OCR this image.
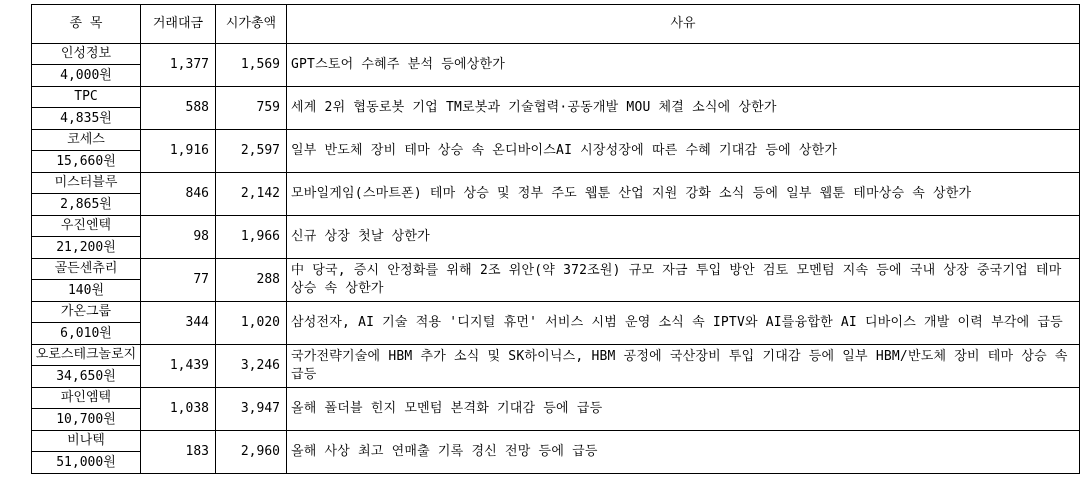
종 목	거래대금	시가총액	사유
인성정보	1,377	1,569	GPT스토어 수혜주 분석 등에상한가
4,000원			
TPC	588	759	세계 2위 협동로봇 기업 TM로봇과 기술협력·공동개발 MOU 체결 소식에 상한가
4,835원			
코세스	1,916	2,597	일부 반도체 장비 테마 상승 속 온디바이스AI 시장성장에 따른 수혜 기대감 등에 상한가
15,660원			
미스터블루	846	2,142	모바일게임(스마트폰) 테마 상승 및 정부 주도 웹툰 산업 지원 강화 소식 등에 일부 웹툰 테마상승 속 상한가
2,865원			
우진엔텍	98	1,966	신규 상장 첫날 상한가
21,200원			
골든센츄리	77	288	中 당국, 증시 안정화를 위해 2조 위안(약 372조원) 규모 자금 투입 방안 검토 모멘텀 지속 등에 국내 상장 중국기업 테마 상승 속 상한가
140원			
가온그룹	344	1,020	삼성전자, AI 기술 적용 '디지털 휴먼' 서비스 시범 운영 소식 속 IPTV와 AI를융합한 AI 디바이스 개발 이력 부각에 급등
6,010원			
오로스테크놀로지	1,439	3,246	국가전략기술에 HBM 추가 소식 및 SK하이닉스, HBM 공정에 국산장비 투입 기대감 등에 일부 HBM/반도체 장비 테마 상승 속 급등
34,650원			
파인엠텍	1,038	3,947	올해 폴더블 힌지 모멘텀 본격화 기대감 등에 급등
10,700원			
비나텍	183	2,960	올해 사상 최고 연매출 기록 경신 전망 등에 급등
51,000원			
